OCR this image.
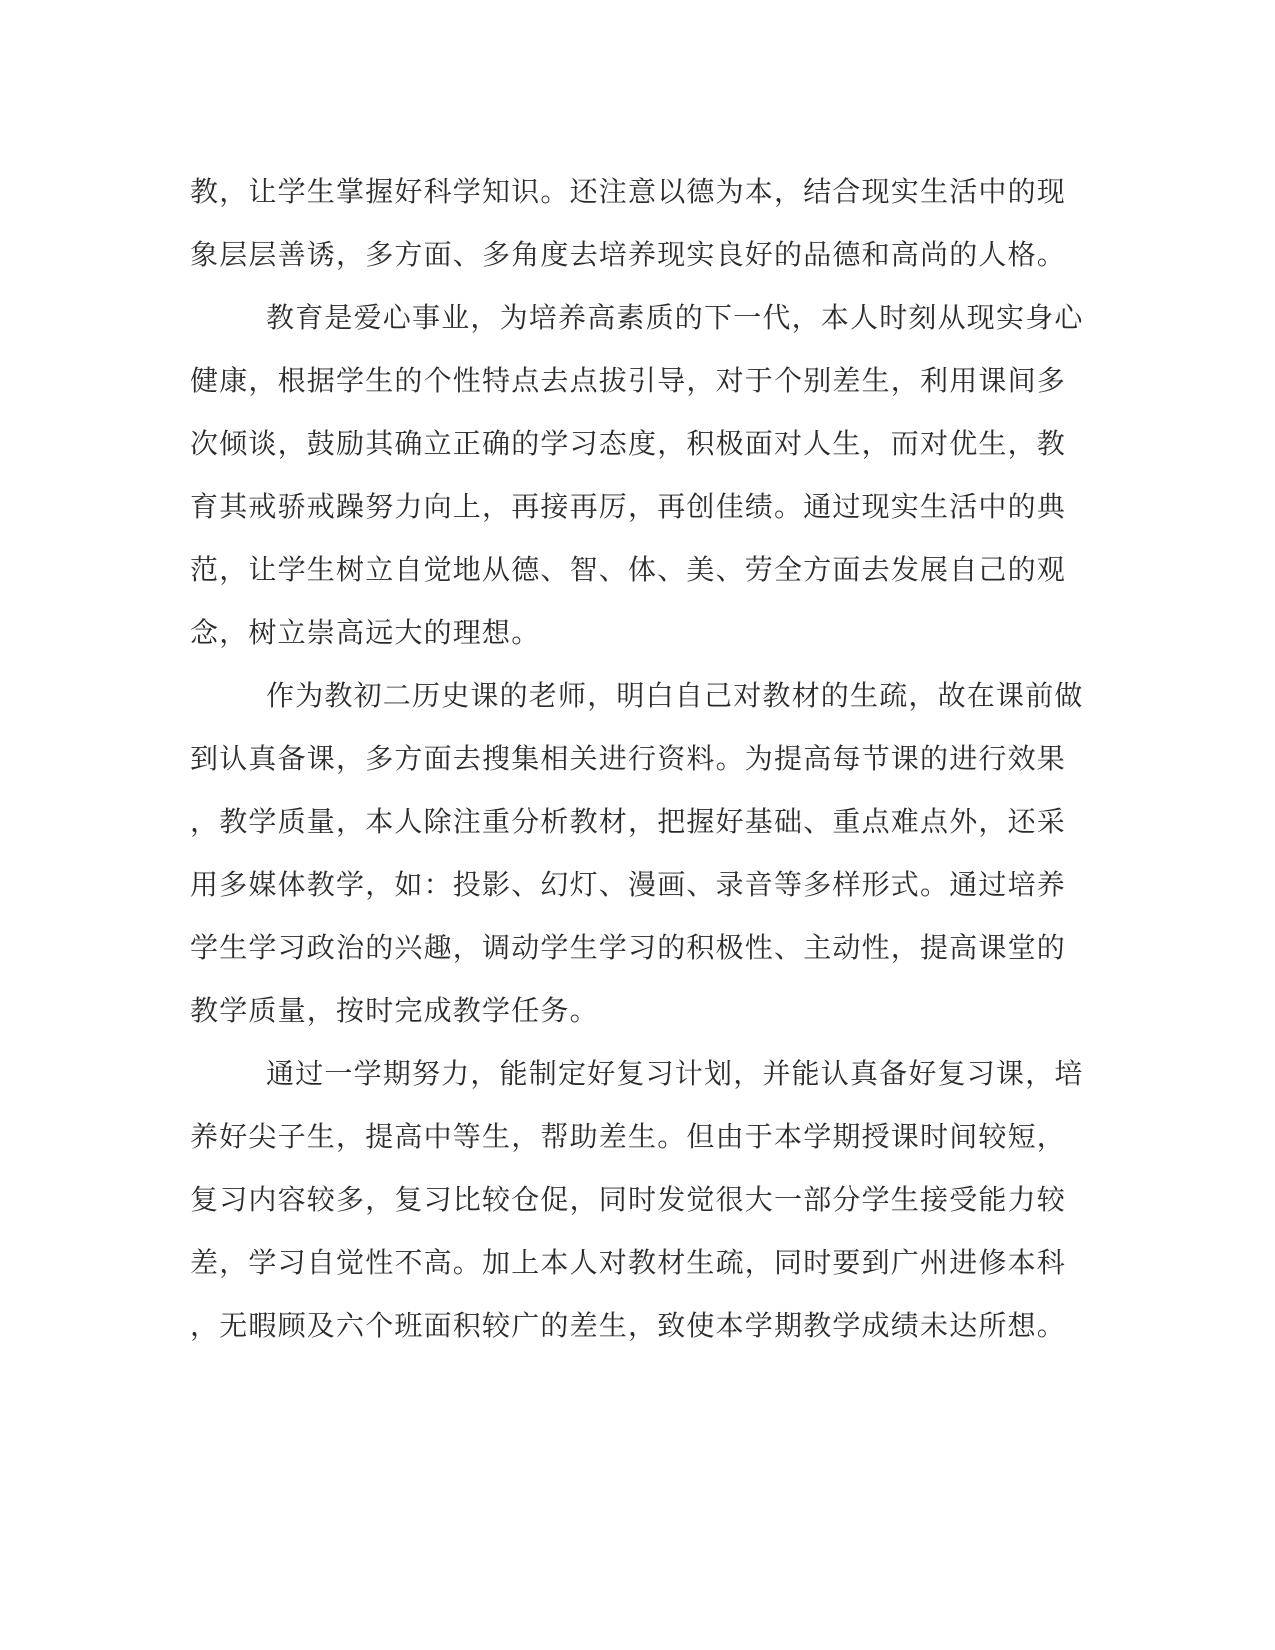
教，让学生掌握好科学知识。还注意以德为本，结合现实生活中的现
象层层善诱，多方面、多角度去培养现实良好的品德和高尚的人格。
教育是爱心事业，为培养高素质的下一代，本人时刻从现实身心
健康，根据学生的个性特点去点拔引导，对于个别差生，利用课间多
次倾谈，鼓励其确立正确的学习态度，积极面对人生，而对优生，教
育其戒骄戒躁努力向上，再接再厉，再创佳绩。通过现实生活中的典
范，让学生树立自觉地从德、智、体、美、劳全方面去发展自己的观
念，树立崇高远大的理想。
作为教初二历史课的老师，明白自己对教材的生疏，故在课前做
到认真备课，多方面去搜集相关进行资料。为提高每节课的进行效果
，教学质量，本人除注重分析教材，把握好基础、重点难点外，还采
用多媒体教学，如：投影、幻灯、漫画、录音等多样形式。通过培养
学生学习政治的兴趣，调动学生学习的积极性、主动性，提高课堂的
教学质量，按时完成教学任务。
通过一学期努力，能制定好复习计划，并能认真备好复习课，培
养好尖子生，提高中等生，帮助差生。但由于本学期授课时间较短，
复习内容较多，复习比较仓促，同时发觉很大一部分学生接受能力较
差，学习自觉性不高。加上本人对教材生疏，同时要到广州进修本科
，无暇顾及六个班面积较广的差生，致使本学期教学成绩未达所想。
